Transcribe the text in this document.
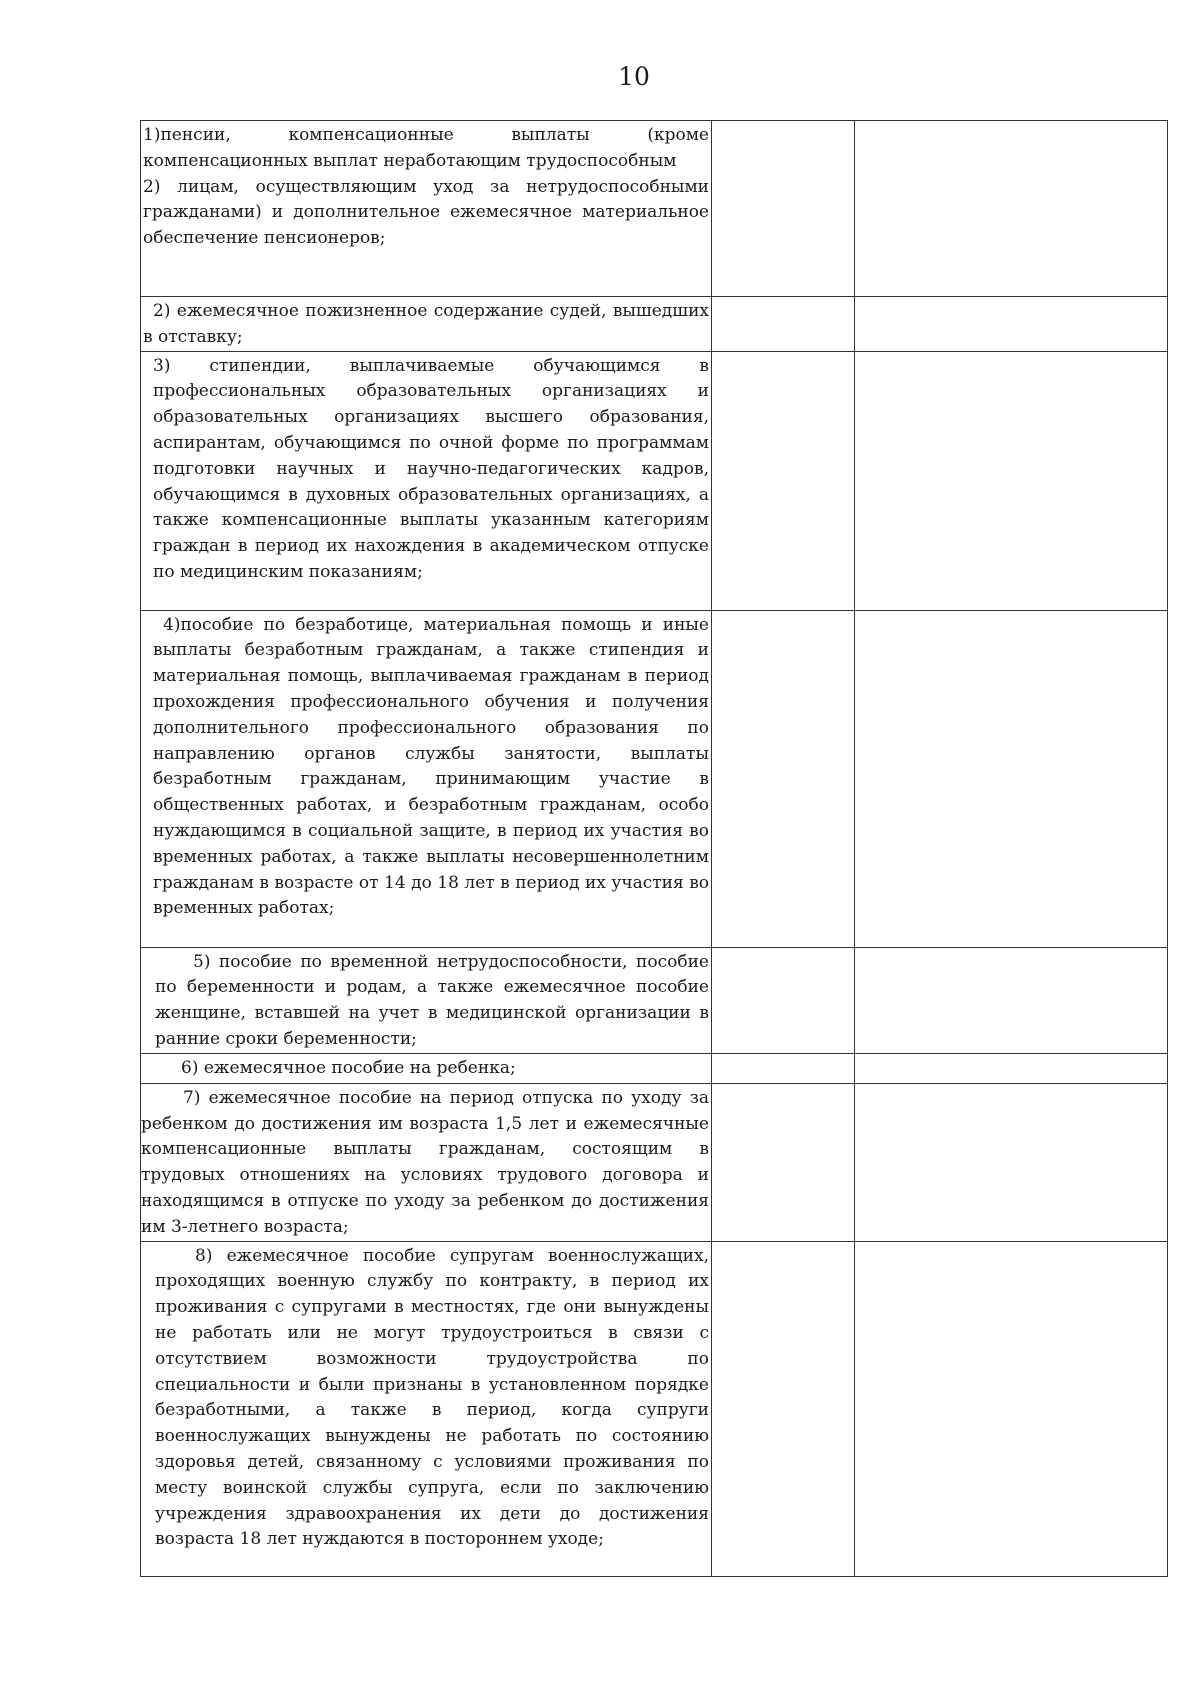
10
1)пенсии, компенсационные выплаты (кроме компенсационных выплат неработающим трудоспособным
2) лицам, осуществляющим уход за нетрудоспособными гражданами) и дополнительное ежемесячное материальное обеспечение пенсионеров;		

2) ежемесячное пожизненное содержание судей, вышедших в отставку;		

3) стипендии, выплачиваемые обучающимся в профессиональных образовательных организациях и образовательных организациях высшего образования, аспирантам, обучающимся по очной форме по программам подготовки научных и научно-педагогических кадров, обучающимся в духовных образовательных организациях, а также компенсационные выплаты указанным категориям граждан в период их нахождения в академическом отпуске по медицинским показаниям;		

4)пособие по безработице, материальная помощь и иные выплаты безработным гражданам, а также стипендия и материальная помощь, выплачиваемая гражданам в период прохождения профессионального обучения и получения дополнительного профессионального образования по направлению органов службы занятости, выплаты безработным гражданам, принимающим участие в общественных работах, и безработным гражданам, особо нуждающимся в социальной защите, в период их участия во временных работах, а также выплаты несовершеннолетним гражданам в возрасте от 14 до 18 лет в период их участия во временных работах;		

5) пособие по временной нетрудоспособности, пособие по беременности и родам, а также ежемесячное пособие женщине, вставшей на учет в медицинской организации в ранние сроки беременности;		

6) ежемесячное пособие на ребенка;		

7) ежемесячное пособие на период отпуска по уходу за ребенком до достижения им возраста 1,5 лет и ежемесячные компенсационные выплаты гражданам, состоящим в трудовых отношениях на условиях трудового договора и находящимся в отпуске по уходу за ребенком до достижения им 3-летнего возраста;		

8) ежемесячное пособие супругам военнослужащих, проходящих военную службу по контракту, в период их проживания с супругами в местностях, где они вынуждены не работать или не могут трудоустроиться в связи с отсутствием возможности трудоустройства по специальности и были признаны в установленном порядке безработными, а также в период, когда супруги военнослужащих вынуждены не работать по состоянию здоровья детей, связанному с условиями проживания по месту воинской службы супруга, если по заключению учреждения здравоохранения их дети до достижения возраста 18 лет нуждаются в постороннем уходе;		
